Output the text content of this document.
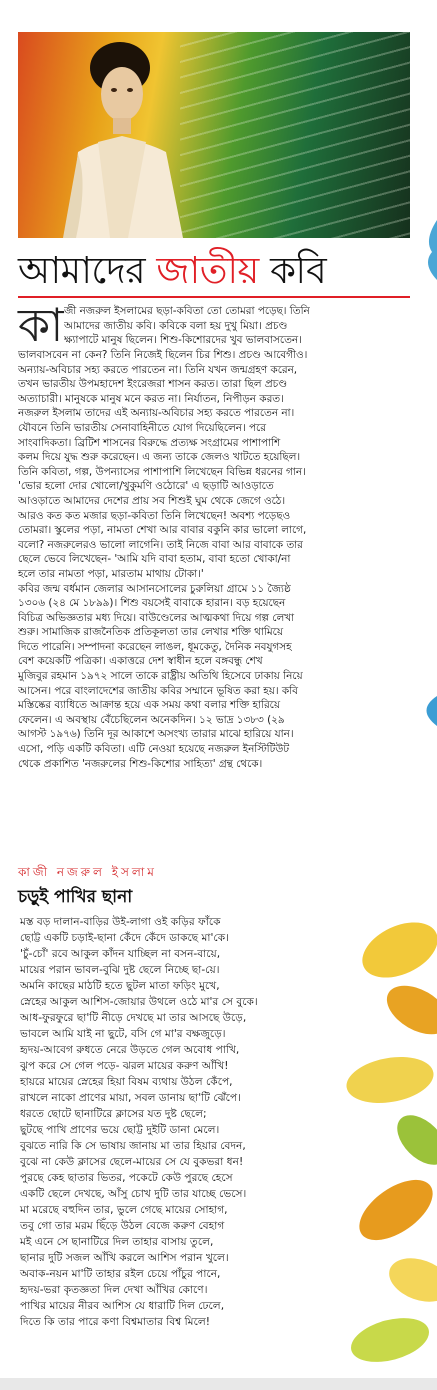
আমাদের জাতীয় কবি
কা জী নজরুল ইসলামের ছড়া-কবিতা তো তোমরা পড়েছ। তিনি
আমাদের জাতীয় কবি। কবিকে বলা হয় দুখু মিয়া। প্রচণ্ড
ক্ষ্যাপাটে মানুষ ছিলেন। শিশু-কিশোরদের খুব ভালবাসতেন।
ভালবাসবেন না কেন? তিনি নিজেই ছিলেন চির শিশু। প্রচণ্ড আবেগীও।
অন্যায়-অবিচার সহ্য করতে পারতেন না। তিনি যখন জন্মগ্রহণ করেন,
তখন ভারতীয় উপমহাদেশ ইংরেজরা শাসন করত। তারা ছিল প্রচণ্ড
অত্যাচারী। মানুষকে মানুষ মনে করত না। নির্যাতন, নিপীড়ন করত।
নজরুল ইসলাম তাদের এই অন্যায়-অবিচার সহ্য করতে পারতেন না।
যৌবনে তিনি ভারতীয় সেনাবাহিনীতে যোগ দিয়েছিলেন। পরে
সাংবাদিকতা। ব্রিটিশ শাসনের বিরুদ্ধে প্রত্যক্ষ সংগ্রামের পাশাপাশি
কলম দিয়ে যুদ্ধ শুরু করেছেন। এ জন্য তাকে জেলও খাটতে হয়েছিল।
তিনি কবিতা, গল্প, উপন্যাসের পাশাপাশি লিখেছেন বিভিন্ন ধরনের গান।
'ভোর হলো দোর খোলো/খুকুমণি ওঠোরে' এ ছড়াটি আওড়াতে
আওড়াতে আমাদের দেশের প্রায় সব শিশুই ঘুম থেকে জেগে ওঠে।
আরও কত কত মজার ছড়া-কবিতা তিনি লিখেছেন! অবশ্য পড়েছও
তোমরা। স্কুলের পড়া, নামতা শেখা আর বাবার বকুনি কার ভালো লাগে,
বলো? নজরুলেরও ভালো লাগেনি। তাই নিজে বাবা আর বাবাকে তার
ছেলে ভেবে লিখেছেন- 'আমি যদি বাবা হতাম, বাবা হতো খোকা/না
হলে তার নামতা পড়া, মারতাম মাথায় টোকা।'
কবির জন্ম বর্ধমান জেলার আসানসোলের চুরুলিয়া গ্রামে ১১ জ্যৈষ্ঠ
১৩০৬ (২৪ মে ১৮৯৯)। শিশু বয়সেই বাবাকে হারান। বড় হয়েছেন
বিচিত্র অভিজ্ঞতার মধ্য দিয়ে। বাউণ্ডেলের আত্মকথা দিয়ে গল্প লেখা
শুরু। সামাজিক রাজনৈতিক প্রতিকূলতা তার লেখার শক্তি থামিয়ে
দিতে পারেনি। সম্পাদনা করেছেন লাঙল, ধূমকেতু, দৈনিক নবযুগসহ
বেশ কয়েকটি পত্রিকা। একাত্তরে দেশ স্বাধীন হলে বঙ্গবন্ধু শেখ
মুজিবুর রহমান ১৯৭২ সালে তাকে রাষ্ট্রীয় অতিথি হিসেবে ঢাকায় নিয়ে
আসেন। পরে বাংলাদেশের জাতীয় কবির সম্মানে ভূষিত করা হয়। কবি
মস্তিষ্কের ব্যাধিতে আক্রান্ত হয়ে এক সময় কথা বলার শক্তি হারিয়ে
ফেলেন। এ অবস্থায় বেঁচেছিলেন অনেকদিন। ১২ ভাদ্র ১৩৮৩ (২৯
আগস্ট ১৯৭৬) তিনি দূর আকাশে অসংখ্য তারার মাঝে হারিয়ে যান।
এসো, পড়ি একটি কবিতা। এটি নেওয়া হয়েছে নজরুল ইনস্টিটিউট
থেকে প্রকাশিত 'নজরুলের শিশু-কিশোর সাহিত্য' গ্রন্থ থেকে।
কাজী নজরুল ইসলাম
চড়ুই পাখির ছানা
মস্ত বড় দালান-বাড়ির উই-লাগা ওই কড়ির ফাঁকে
ছোট্ট একটি চড়াই-ছানা কেঁদে কেঁদে ডাকছে মা'কে।
'চুঁ-চোঁ' রবে আকুল কাঁদন যাচ্ছিল না বসন-বায়ে,
মায়ের পরান ভাবল-বুঝি দুষ্ট ছেলে নিচ্ছে ছা-য়ে।
অমনি কাছের মাঠটি হতে ছুটল মাতা ফড়িং মুখে,
স্নেহের আকুল আশিস-জোয়ার উথলে ওঠে মা'র সে বুকে।
আধ-ফুরফুরে ছা'টি নীড়ে দেখছে মা তার আসছে উড়ে,
ভাবলে আমি যাই না ছুটে, বসি গে মা'র বক্ষজুড়ে।
হৃদয়-আবেগ রুধতে নেরে উড়তে গেল অবোধ পাখি,
ঝুপ করে সে গেল পড়ে- ঝরল মায়ের করুণ আঁখি!
হায়রে মায়ের স্নেহের হিয়া বিষম ব্যথায় উঠল কেঁপে,
রাখলে নাকো প্রাণের মায়া, সবল ডানায় ছা'টি ঝেঁপে।
ধরতে ছোটে ছানাটিরে ক্লাসের যত দুষ্ট ছেলে;
ছুটছে পাখি প্রাণের ভয়ে ছোট্ট দুইটি ডানা মেলে।
বুঝতে নারি কি সে ভাষায় জানায় মা তার হিয়ার বেদন,
বুঝে না কেউ ক্লাসের ছেলে-মায়ের সে যে বুকভরা ধন!
পুরছে কেহ ছাতার ভিতর, পকেটে কেউ পুরছে হেসে
একটি ছেলে দেখছে, আঁসু চোখ দুটি তার যাচ্ছে ভেসে।
মা মরেছে বহুদিন তার, ভুলে গেছে মায়ের সোহাগ,
তবু গো তার মরম ছিঁড়ে উঠল বেজে করুণ বেহাগ
মই এনে সে ছানাটিরে দিল তাহার বাসায় তুলে,
ছানার দুটি সজল আঁখি করলে আশিস পরান খুলে।
অবাক-নয়ন মা'টি তাহার রইল চেয়ে পাঁচুর পানে,
হৃদয়-ভরা কৃতজ্ঞতা দিল দেখা আঁখির কোণে।
পাখির মায়ের নীরব আশিস যে ধারাটি দিল ঢেলে,
দিতে কি তার পারে কণা বিশ্বমাতার বিশ্ব মিলে!
